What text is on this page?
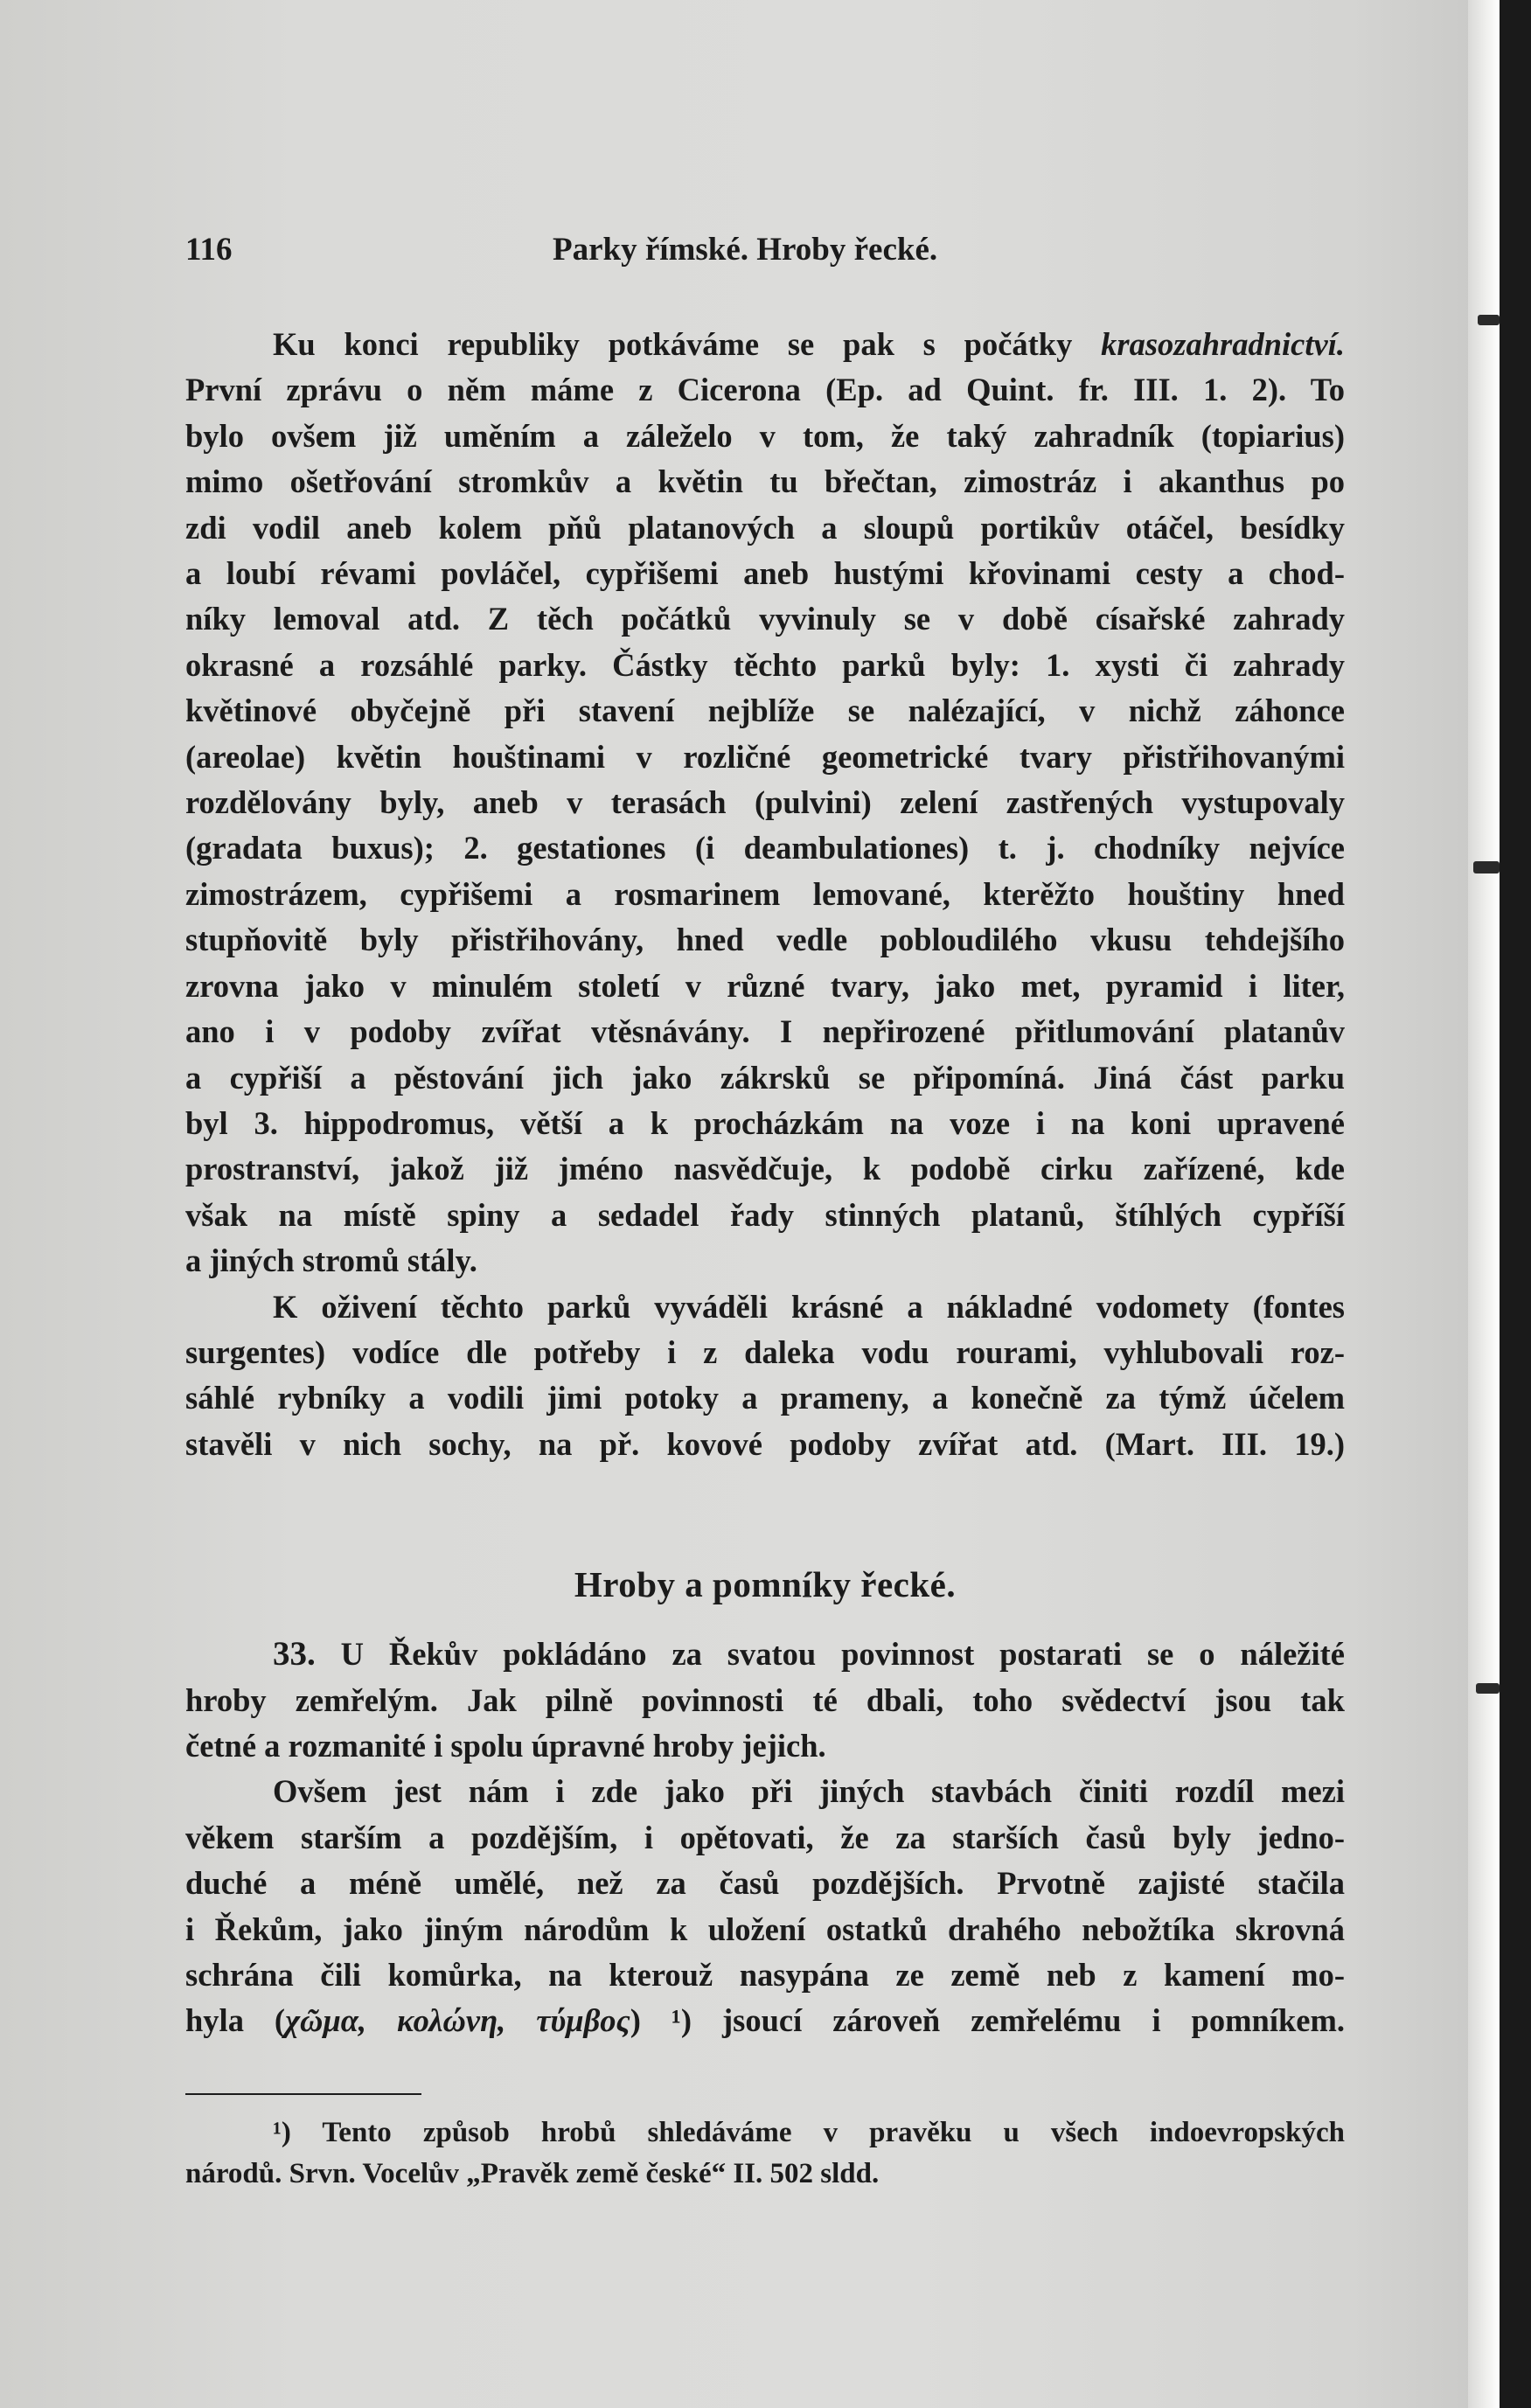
116	Parky římské. Hroby řecké.
Ku konci republiky potkáváme se pak s počátky krasozahradnictví.
První zprávu o něm máme z Cicerona (Ep. ad Quint. fr. III. 1. 2). To
bylo ovšem již uměním a záleželo v tom, že taký zahradník (topiarius)
mimo ošetřování stromkův a květin tu břečtan, zimostráz i akanthus po
zdi vodil aneb kolem pňů platanových a sloupů portikův otáčel, besídky
a loubí révami povláčel, cypřišemi aneb hustými křovinami cesty a chod-
níky lemoval atd. Z těch počátků vyvinuly se v době císařské zahrady
okrasné a rozsáhlé parky. Částky těchto parků byly: 1. xysti či zahrady
květinové obyčejně při stavení nejblíže se nalézající, v nichž záhonce
(areolae) květin houštinami v rozličné geometrické tvary přistřihovanými
rozdělovány byly, aneb v terasách (pulvini) zelení zastřených vystupovaly
(gradata buxus); 2. gestationes (i deambulationes) t. j. chodníky nejvíce
zimostrázem, cypřišemi a rosmarinem lemované, kterěžto houštiny hned
stupňovitě byly přistřihovány, hned vedle pobloudilého vkusu tehdejšího
zrovna jako v minulém století v různé tvary, jako met, pyramid i liter,
ano i v podoby zvířat vtěsnávány. I nepřirozené přitlumování platanův
a cypřiší a pěstování jich jako zákrsků se připomíná. Jiná část parku
byl 3. hippodromus, větší a k procházkám na voze i na koni upravené
prostranství, jakož již jméno nasvědčuje, k podobě cirku zařízené, kde
však na místě spiny a sedadel řady stinných platanů, štíhlých cypříší
a jiných stromů stály.
K oživení těchto parků vyváděli krásné a nákladné vodomety (fontes
surgentes) vodíce dle potřeby i z daleka vodu rourami, vyhlubovali roz-
sáhlé rybníky a vodili jimi potoky a prameny, a konečně za týmž účelem
stavěli v nich sochy, na př. kovové podoby zvířat atd. (Mart. III. 19.)
Hroby a pomníky řecké.
33. U Řekův pokládáno za svatou povinnost postarati se o náležité
hroby zemřelým. Jak pilně povinnosti té dbali, toho svědectví jsou tak
četné a rozmanité i spolu úpravné hroby jejich.
Ovšem jest nám i zde jako při jiných stavbách činiti rozdíl mezi
věkem starším a pozdějším, i opětovati, že za starších časů byly jedno-
duché a méně umělé, než za časů pozdějších. Prvotně zajisté stačila
i Řekům, jako jiným národům k uložení ostatků drahého nebožtíka skrovná
schrána čili komůrka, na kterouž nasypána ze země neb z kamení mo-
hyla (χῶμα, κολώνη, τύμβος) ¹) jsoucí zároveň zemřelému i pomníkem.
¹) Tento způsob hrobů shledáváme v pravěku u všech indoevropských
národů. Srvn. Vocelův „Pravěk země české“ II. 502 sldd.
